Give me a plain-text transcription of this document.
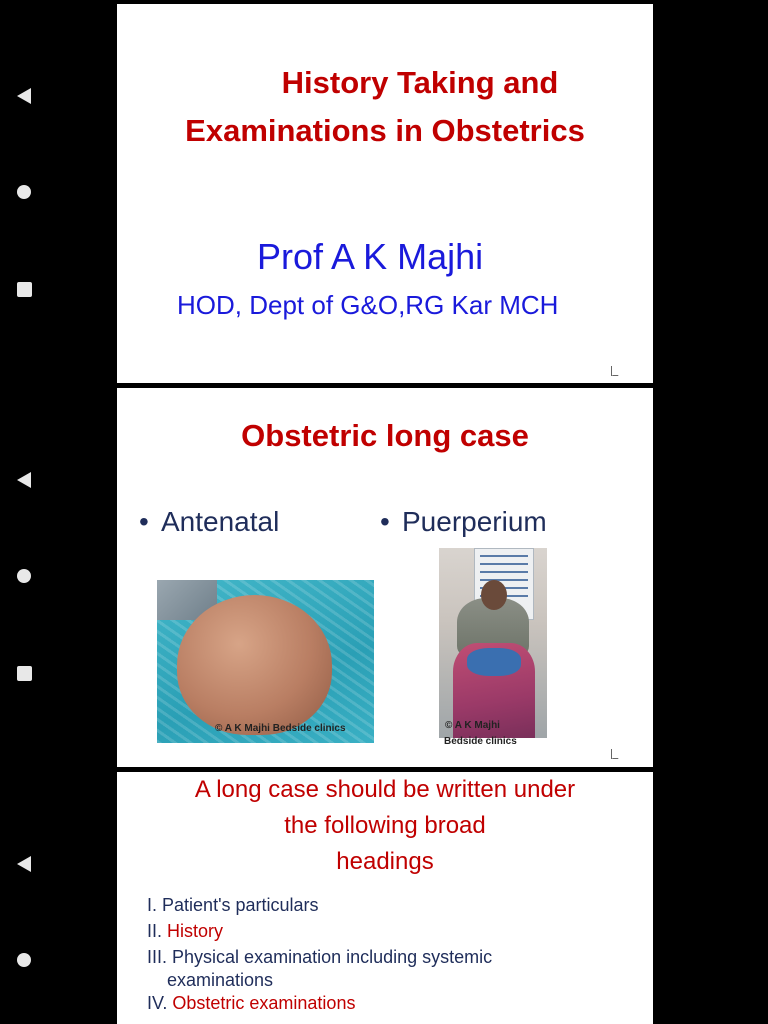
History Taking and
Examinations in Obstetrics
Prof A K Majhi
HOD, Dept of G&O,RG Kar MCH
Obstetric long case
• Antenatal	• Puerperium
© A K Majhi Bedside clinics	© A K Majhi
Bedside clinics
A long case should be written under
the following broad
headings
I. Patient's particulars
II. History
III. Physical examination including systemic
examinations
IV. Obstetric examinations
